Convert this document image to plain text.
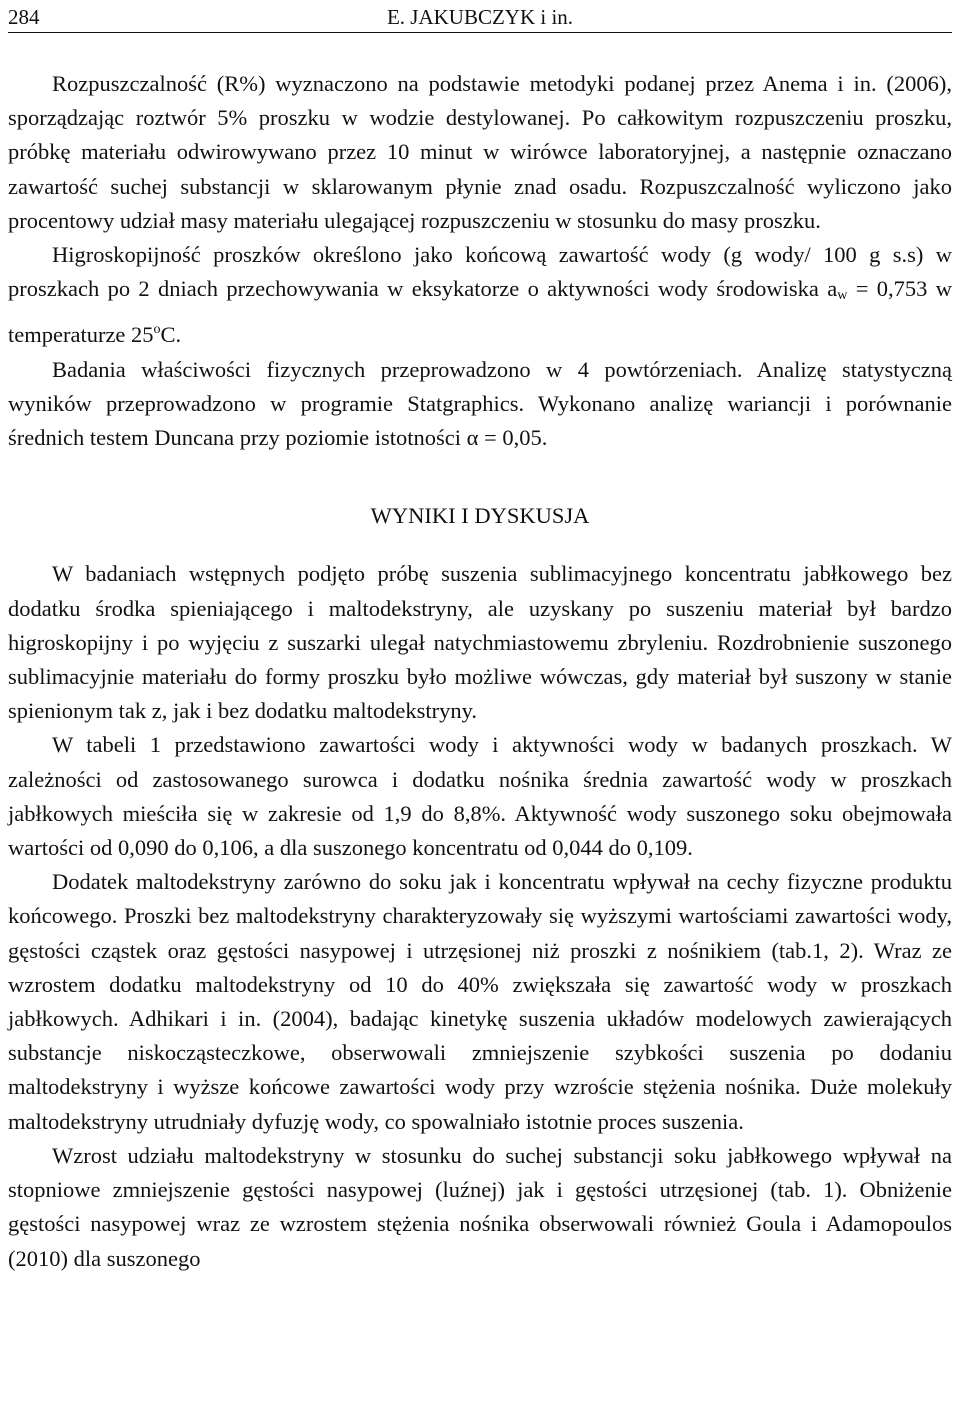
284	E. JAKUBCZYK i in.

Rozpuszczalność (R%) wyznaczono na podstawie metodyki podanej przez Anema i in. (2006), sporządzając roztwór 5% proszku w wodzie destylowanej. Po całkowitym rozpuszczeniu proszku, próbkę materiału odwirowywano przez 10 minut w wirówce laboratoryjnej, a następnie oznaczano zawartość suchej substancji w sklarowanym płynie znad osadu. Rozpuszczalność wyliczono jako procentowy udział masy materiału ulegającej rozpuszczeniu w stosunku do masy proszku.

Higroskopijność proszków określono jako końcową zawartość wody (g wody/ 100 g s.s) w proszkach po 2 dniach przechowywania w eksykatorze o aktywności wody środowiska $a_w = 0,753$ w temperaturze 25$^o$C.

Badania właściwości fizycznych przeprowadzono w 4 powtórzeniach. Analizę statystyczną wyników przeprowadzono w programie Statgraphics. Wykonano analizę wariancji i porównanie średnich testem Duncana przy poziomie istotności α = 0,05.

WYNIKI I DYSKUSJA

W badaniach wstępnych podjęto próbę suszenia sublimacyjnego koncentratu jabłkowego bez dodatku środka spieniającego i maltodekstryny, ale uzyskany po suszeniu materiał był bardzo higroskopijny i po wyjęciu z suszarki ulegał natychmiastowemu zbryleniu. Rozdrobnienie suszonego sublimacyjnie materiału do formy proszku było możliwe wówczas, gdy materiał był suszony w stanie spienionym tak z, jak i bez dodatku maltodekstryny.

W tabeli 1 przedstawiono zawartości wody i aktywności wody w badanych proszkach. W zależności od zastosowanego surowca i dodatku nośnika średnia zawartość wody w proszkach jabłkowych mieściła się w zakresie od 1,9 do 8,8%. Aktywność wody suszonego soku obejmowała wartości od 0,090 do 0,106, a dla suszonego koncentratu od 0,044 do 0,109.

Dodatek maltodekstryny zarówno do soku jak i koncentratu wpływał na cechy fizyczne produktu końcowego. Proszki bez maltodekstryny charakteryzowały się wyższymi wartościami zawartości wody, gęstości cząstek oraz gęstości nasypowej i utrzęsionej niż proszki z nośnikiem (tab.1, 2). Wraz ze wzrostem dodatku maltodekstryny od 10 do 40% zwiększała się zawartość wody w proszkach jabłkowych. Adhikari i in. (2004), badając kinetykę suszenia układów modelowych zawierających substancje niskocząsteczkowe, obserwowali zmniejszenie szybkości suszenia po dodaniu maltodekstryny i wyższe końcowe zawartości wody przy wzroście stężenia nośnika. Duże molekuły maltodekstryny utrudniały dyfuzję wody, co spowalniało istotnie proces suszenia.

Wzrost udziału maltodekstryny w stosunku do suchej substancji soku jabłkowego wpływał na stopniowe zmniejszenie gęstości nasypowej (luźnej) jak i gęstości utrzęsionej (tab. 1). Obniżenie gęstości nasypowej wraz ze wzrostem stężenia nośnika obserwowali również Goula i Adamopoulos (2010) dla suszonego
